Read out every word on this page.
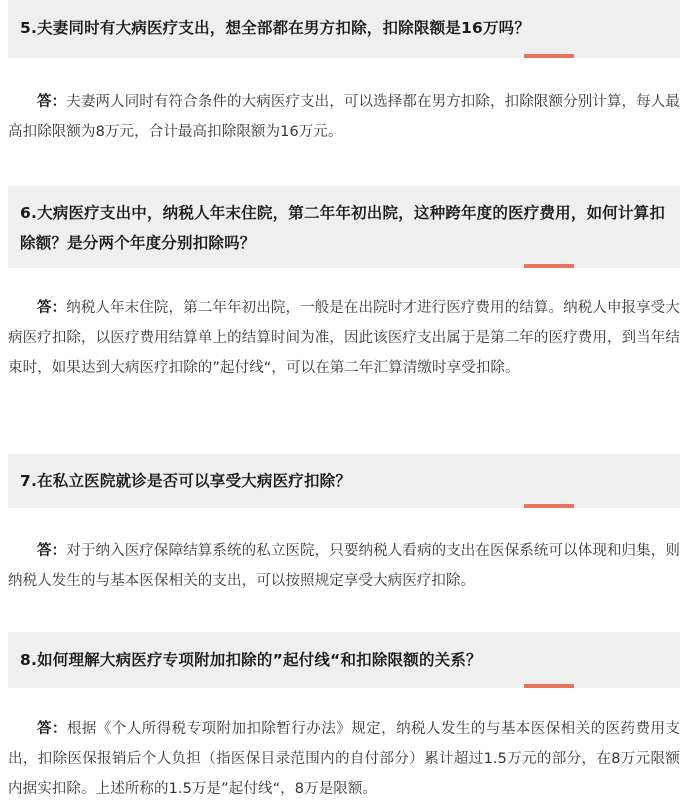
5.夫妻同时有大病医疗支出，想全部都在男方扣除，扣除限额是16万吗？
答：夫妻两人同时有符合条件的大病医疗支出，可以选择都在男方扣除，扣除限额分别计算，每人最高扣除限额为8万元，合计最高扣除限额为16万元。
6.大病医疗支出中，纳税人年末住院，第二年年初出院，这种跨年度的医疗费用，如何计算扣除额？是分两个年度分别扣除吗？
答：纳税人年末住院，第二年年初出院，一般是在出院时才进行医疗费用的结算。纳税人申报享受大病医疗扣除，以医疗费用结算单上的结算时间为准，因此该医疗支出属于是第二年的医疗费用，到当年结束时，如果达到大病医疗扣除的”起付线“，可以在第二年汇算清缴时享受扣除。
7.在私立医院就诊是否可以享受大病医疗扣除？
答：对于纳入医疗保障结算系统的私立医院，只要纳税人看病的支出在医保系统可以体现和归集，则纳税人发生的与基本医保相关的支出，可以按照规定享受大病医疗扣除。
8.如何理解大病医疗专项附加扣除的”起付线“和扣除限额的关系？
答：根据《个人所得税专项附加扣除暂行办法》规定，纳税人发生的与基本医保相关的医药费用支出，扣除医保报销后个人负担（指医保目录范围内的自付部分）累计超过1.5万元的部分，在8万元限额内据实扣除。上述所称的1.5万是”起付线“，8万是限额。
